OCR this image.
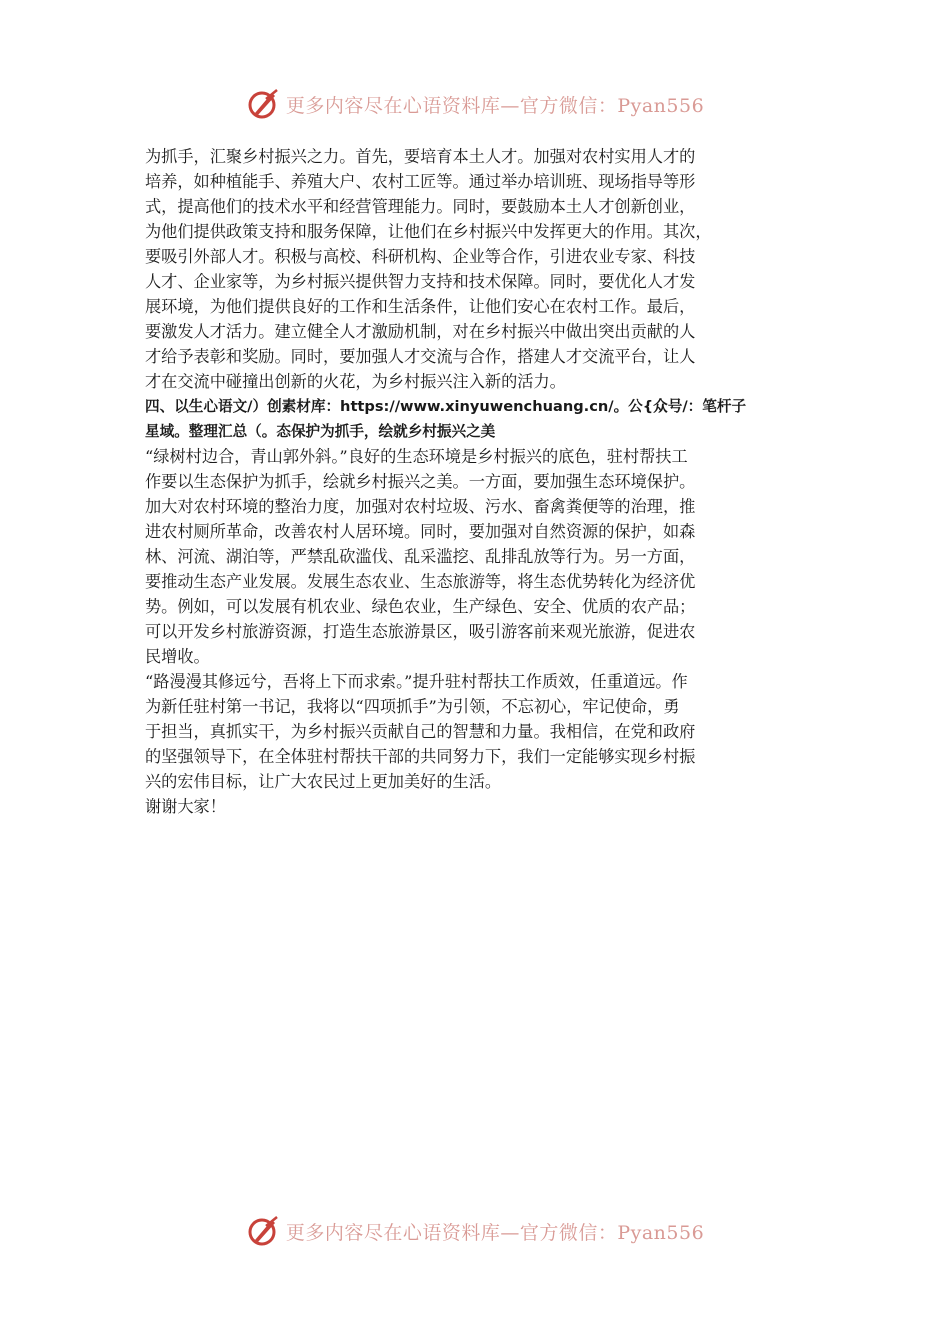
更多内容尽在心语资料库—官方微信：Pyan556
为抓手，汇聚乡村振兴之力。首先，要培育本土人才。加强对农村实用人才的
培养，如种植能手、养殖大户、农村工匠等。通过举办培训班、现场指导等形
式，提高他们的技术水平和经营管理能力。同时，要鼓励本土人才创新创业，
为他们提供政策支持和服务保障，让他们在乡村振兴中发挥更大的作用。其次，
要吸引外部人才。积极与高校、科研机构、企业等合作，引进农业专家、科技
人才、企业家等，为乡村振兴提供智力支持和技术保障。同时，要优化人才发
展环境，为他们提供良好的工作和生活条件，让他们安心在农村工作。最后，
要激发人才活力。建立健全人才激励机制，对在乡村振兴中做出突出贡献的人
才给予表彰和奖励。同时，要加强人才交流与合作，搭建人才交流平台，让人
才在交流中碰撞出创新的火花，为乡村振兴注入新的活力。
四、以生心语文/）创素材库：https://www.xinyuwenchuang.cn/。公{众号/：笔杆子
星域。整理汇总（。态保护为抓手，绘就乡村振兴之美
“绿树村边合，青山郭外斜。”良好的生态环境是乡村振兴的底色，驻村帮扶工
作要以生态保护为抓手，绘就乡村振兴之美。一方面，要加强生态环境保护。
加大对农村环境的整治力度，加强对农村垃圾、污水、畜禽粪便等的治理，推
进农村厕所革命，改善农村人居环境。同时，要加强对自然资源的保护，如森
林、河流、湖泊等，严禁乱砍滥伐、乱采滥挖、乱排乱放等行为。另一方面，
要推动生态产业发展。发展生态农业、生态旅游等，将生态优势转化为经济优
势。例如，可以发展有机农业、绿色农业，生产绿色、安全、优质的农产品；
可以开发乡村旅游资源，打造生态旅游景区，吸引游客前来观光旅游，促进农
民增收。
“路漫漫其修远兮，吾将上下而求索。”提升驻村帮扶工作质效，任重道远。作
为新任驻村第一书记，我将以“四项抓手”为引领，不忘初心，牢记使命，勇
于担当，真抓实干，为乡村振兴贡献自己的智慧和力量。我相信，在党和政府
的坚强领导下，在全体驻村帮扶干部的共同努力下，我们一定能够实现乡村振
兴的宏伟目标，让广大农民过上更加美好的生活。
谢谢大家！
更多内容尽在心语资料库—官方微信：Pyan556
